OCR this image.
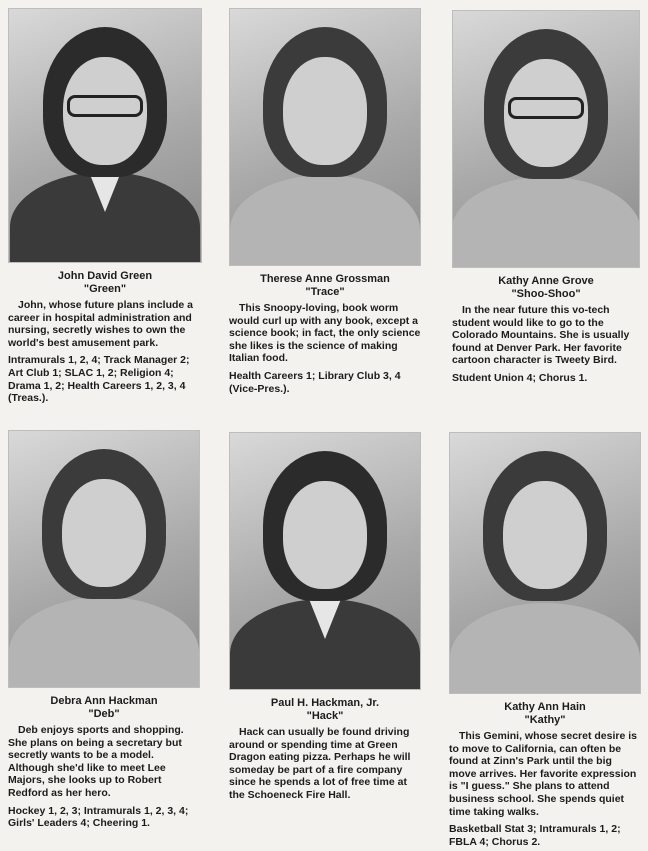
John David Green
"Green"

John, whose future plans include a career in hospital administration and nursing, secretly wishes to own the world's best amusement park.

Intramurals 1, 2, 4; Track Manager 2; Art Club 1; SLAC 1, 2; Religion 4; Drama 1, 2; Health Careers 1, 2, 3, 4 (Treas.).

Therese Anne Grossman
"Trace"

This Snoopy-loving, book worm would curl up with any book, except a science book; in fact, the only science she likes is the science of making Italian food.

Health Careers 1; Library Club 3, 4 (Vice-Pres.).

Kathy Anne Grove
"Shoo-Shoo"

In the near future this vo-tech student would like to go to the Colorado Mountains. She is usually found at Denver Park. Her favorite cartoon character is Tweety Bird.

Student Union 4; Chorus 1.

Debra Ann Hackman
"Deb"

Deb enjoys sports and shopping. She plans on being a secretary but secretly wants to be a model. Although she'd like to meet Lee Majors, she looks up to Robert Redford as her hero.

Hockey 1, 2, 3; Intramurals 1, 2, 3, 4; Girls' Leaders 4; Cheering 1.

Paul H. Hackman, Jr.
"Hack"

Hack can usually be found driving around or spending time at Green Dragon eating pizza. Perhaps he will someday be part of a fire company since he spends a lot of free time at the Schoeneck Fire Hall.

Kathy Ann Hain
"Kathy"

This Gemini, whose secret desire is to move to California, can often be found at Zinn's Park until the big move arrives. Her favorite expression is "I guess." She plans to attend business school. She spends quiet time taking walks.

Basketball Stat 3; Intramurals 1, 2; FBLA 4; Chorus 2.
